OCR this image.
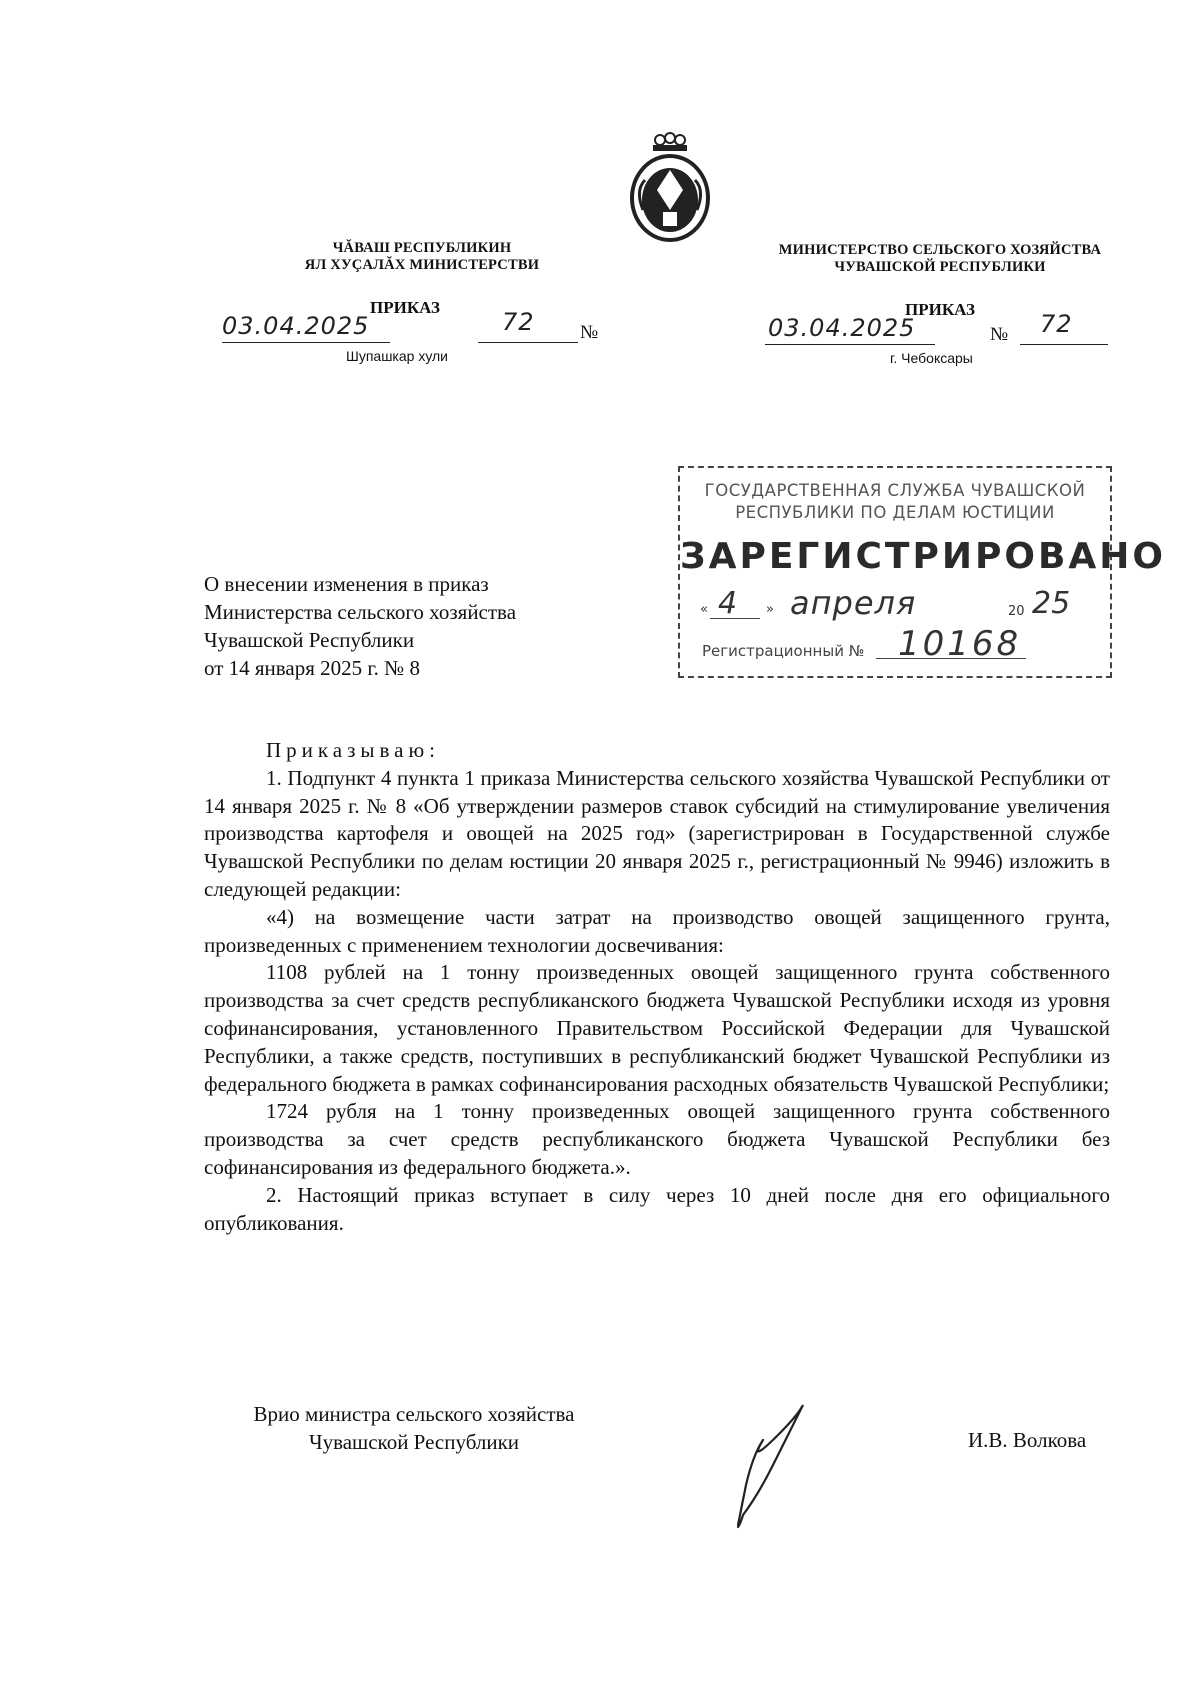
ЧĂВАШ РЕСПУБЛИКИН
ЯЛ ХУÇАЛĂХ МИНИСТЕРСТВИ
МИНИСТЕРСТВО СЕЛЬСКОГО ХОЗЯЙСТВА
ЧУВАШСКОЙ РЕСПУБЛИКИ
ПРИКАЗ	ПРИКАЗ
03.04.2025	72 №
Шупашкар хули
03.04.2025	№ 72
г. Чебоксары
ГОСУДАРСТВЕННАЯ СЛУЖБА ЧУВАШСКОЙ
РЕСПУБЛИКИ ПО ДЕЛАМ ЮСТИЦИИ
ЗАРЕГИСТРИРОВАНО
« 4 » апреля	20 25
Регистрационный № 10168
О внесении изменения в приказ
Министерства сельского хозяйства
Чувашской Республики
от 14 января 2025 г. № 8

Приказываю:

1. Подпункт 4 пункта 1 приказа Министерства сельского хозяйства Чувашской Республики от 14 января 2025 г. № 8 «Об утверждении размеров ставок субсидий на стимулирование увеличения производства картофеля и овощей на 2025 год» (зарегистрирован в Государственной службе Чувашской Республики по делам юстиции 20 января 2025 г., регистрационный № 9946) изложить в следующей редакции:

«4) на возмещение части затрат на производство овощей защищенного грунта, произведенных с применением технологии досвечивания:

1108 рублей на 1 тонну произведенных овощей защищенного грунта собственного производства за счет средств республиканского бюджета Чувашской Республики исходя из уровня софинансирования, установленного Правительством Российской Федерации для Чувашской Республики, а также средств, поступивших в республиканский бюджет Чувашской Республики из федерального бюджета в рамках софинансирования расходных обязательств Чувашской Республики;

1724 рубля на 1 тонну произведенных овощей защищенного грунта собственного производства за счет средств республиканского бюджета Чувашской Республики без софинансирования из федерального бюджета.».

2. Настоящий приказ вступает в силу через 10 дней после дня его официального опубликования.

Врио министра сельского хозяйства
Чувашской Республики	И.В. Волкова
